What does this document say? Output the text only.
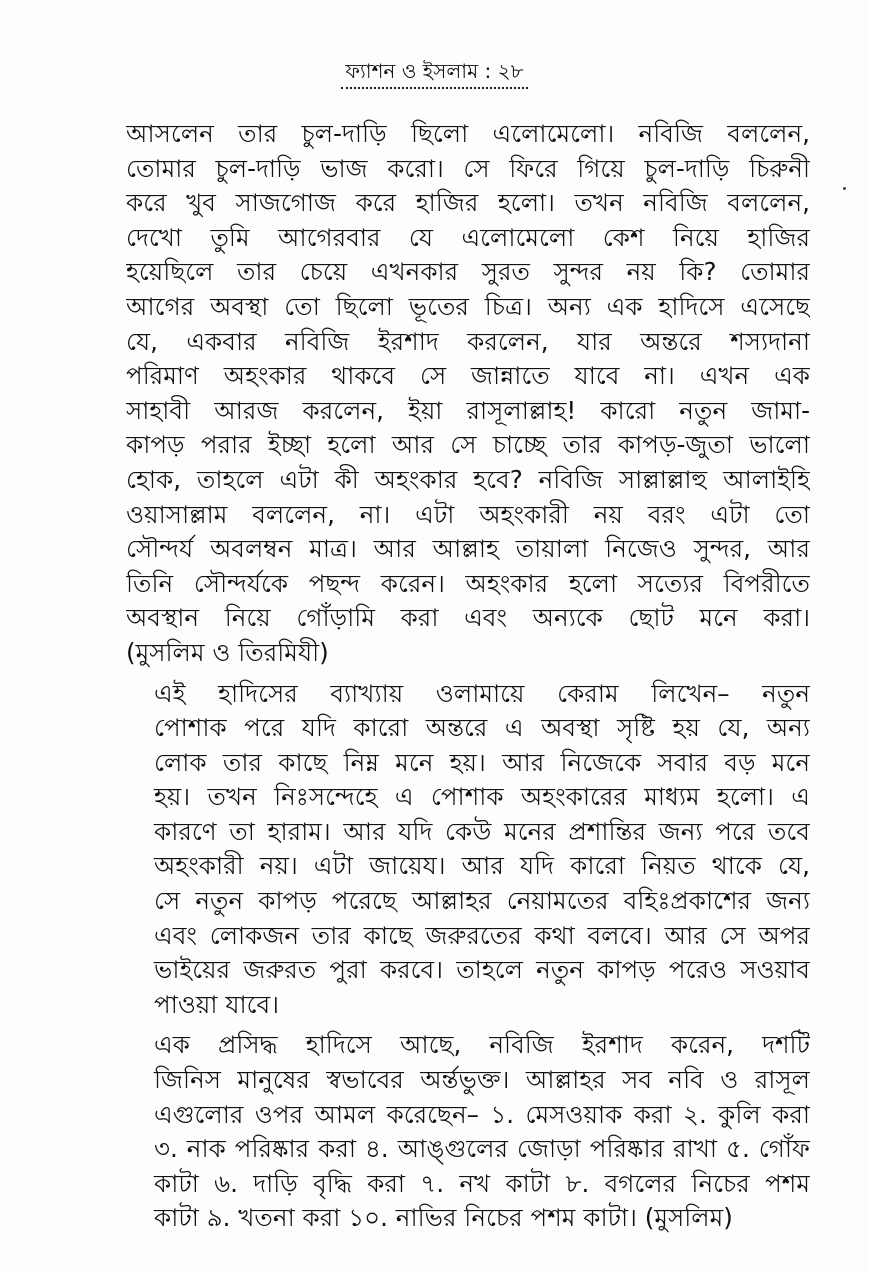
ফ্যাশন ও ইসলাম : ২৮
আসলেন তার চুল-দাড়ি ছিলো এলোমেলো। নবিজি বললেন,
তোমার চুল-দাড়ি ভাজ করো। সে ফিরে গিয়ে চুল-দাড়ি চিরুনী
করে খুব সাজগোজ করে হাজির হলো। তখন নবিজি বললেন,
দেখো তুমি আগেরবার যে এলোমেলো কেশ নিয়ে হাজির
হয়েছিলে তার চেয়ে এখনকার সুরত সুন্দর নয় কি? তোমার
আগের অবস্থা তো ছিলো ভূতের চিত্র। অন্য এক হাদিসে এসেছে
যে, একবার নবিজি ইরশাদ করলেন, যার অন্তরে শস্যদানা
পরিমাণ অহংকার থাকবে সে জান্নাতে যাবে না। এখন এক
সাহাবী আরজ করলেন, ইয়া রাসূলাল্লাহ! কারো নতুন জামা-
কাপড় পরার ইচ্ছা হলো আর সে চাচ্ছে তার কাপড়-জুতা ভালো
হোক, তাহলে এটা কী অহংকার হবে? নবিজি সাল্লাল্লাহু আলাইহি
ওয়াসাল্লাম বললেন, না। এটা অহংকারী নয় বরং এটা তো
সৌন্দর্য অবলম্বন মাত্র। আর আল্লাহ তায়ালা নিজেও সুন্দর, আর
তিনি সৌন্দর্যকে পছন্দ করেন। অহংকার হলো সত্যের বিপরীতে
অবস্থান নিয়ে গোঁড়ামি করা এবং অন্যকে ছোট মনে করা।
(মুসলিম ও তিরমিযী)
এই হাদিসের ব্যাখ্যায় ওলামায়ে কেরাম লিখেন– নতুন
পোশাক পরে যদি কারো অন্তরে এ অবস্থা সৃষ্টি হয় যে, অন্য
লোক তার কাছে নিম্ন মনে হয়। আর নিজেকে সবার বড় মনে
হয়। তখন নিঃসন্দেহে এ পোশাক অহংকারের মাধ্যম হলো। এ
কারণে তা হারাম। আর যদি কেউ মনের প্রশান্তির জন্য পরে তবে
অহংকারী নয়। এটা জায়েয। আর যদি কারো নিয়ত থাকে যে,
সে নতুন কাপড় পরেছে আল্লাহর নেয়ামতের বহিঃপ্রকাশের জন্য
এবং লোকজন তার কাছে জরুরতের কথা বলবে। আর সে অপর
ভাইয়ের জরুরত পুরা করবে। তাহলে নতুন কাপড় পরেও সওয়াব
পাওয়া যাবে।
এক প্রসিদ্ধ হাদিসে আছে, নবিজি ইরশাদ করেন, দশটি
জিনিস মানুষের স্বভাবের অর্ন্তভুক্ত। আল্লাহর সব নবি ও রাসূল
এগুলোর ওপর আমল করেছেন– ১. মেসওয়াক করা ২. কুলি করা
৩. নাক পরিষ্কার করা ৪. আঙ্গুলের জোড়া পরিষ্কার রাখা ৫. গোঁফ
কাটা ৬. দাড়ি বৃদ্ধি করা ৭. নখ কাটা ৮. বগলের নিচের পশম
কাটা ৯. খতনা করা ১০. নাভির নিচের পশম কাটা। (মুসলিম)
